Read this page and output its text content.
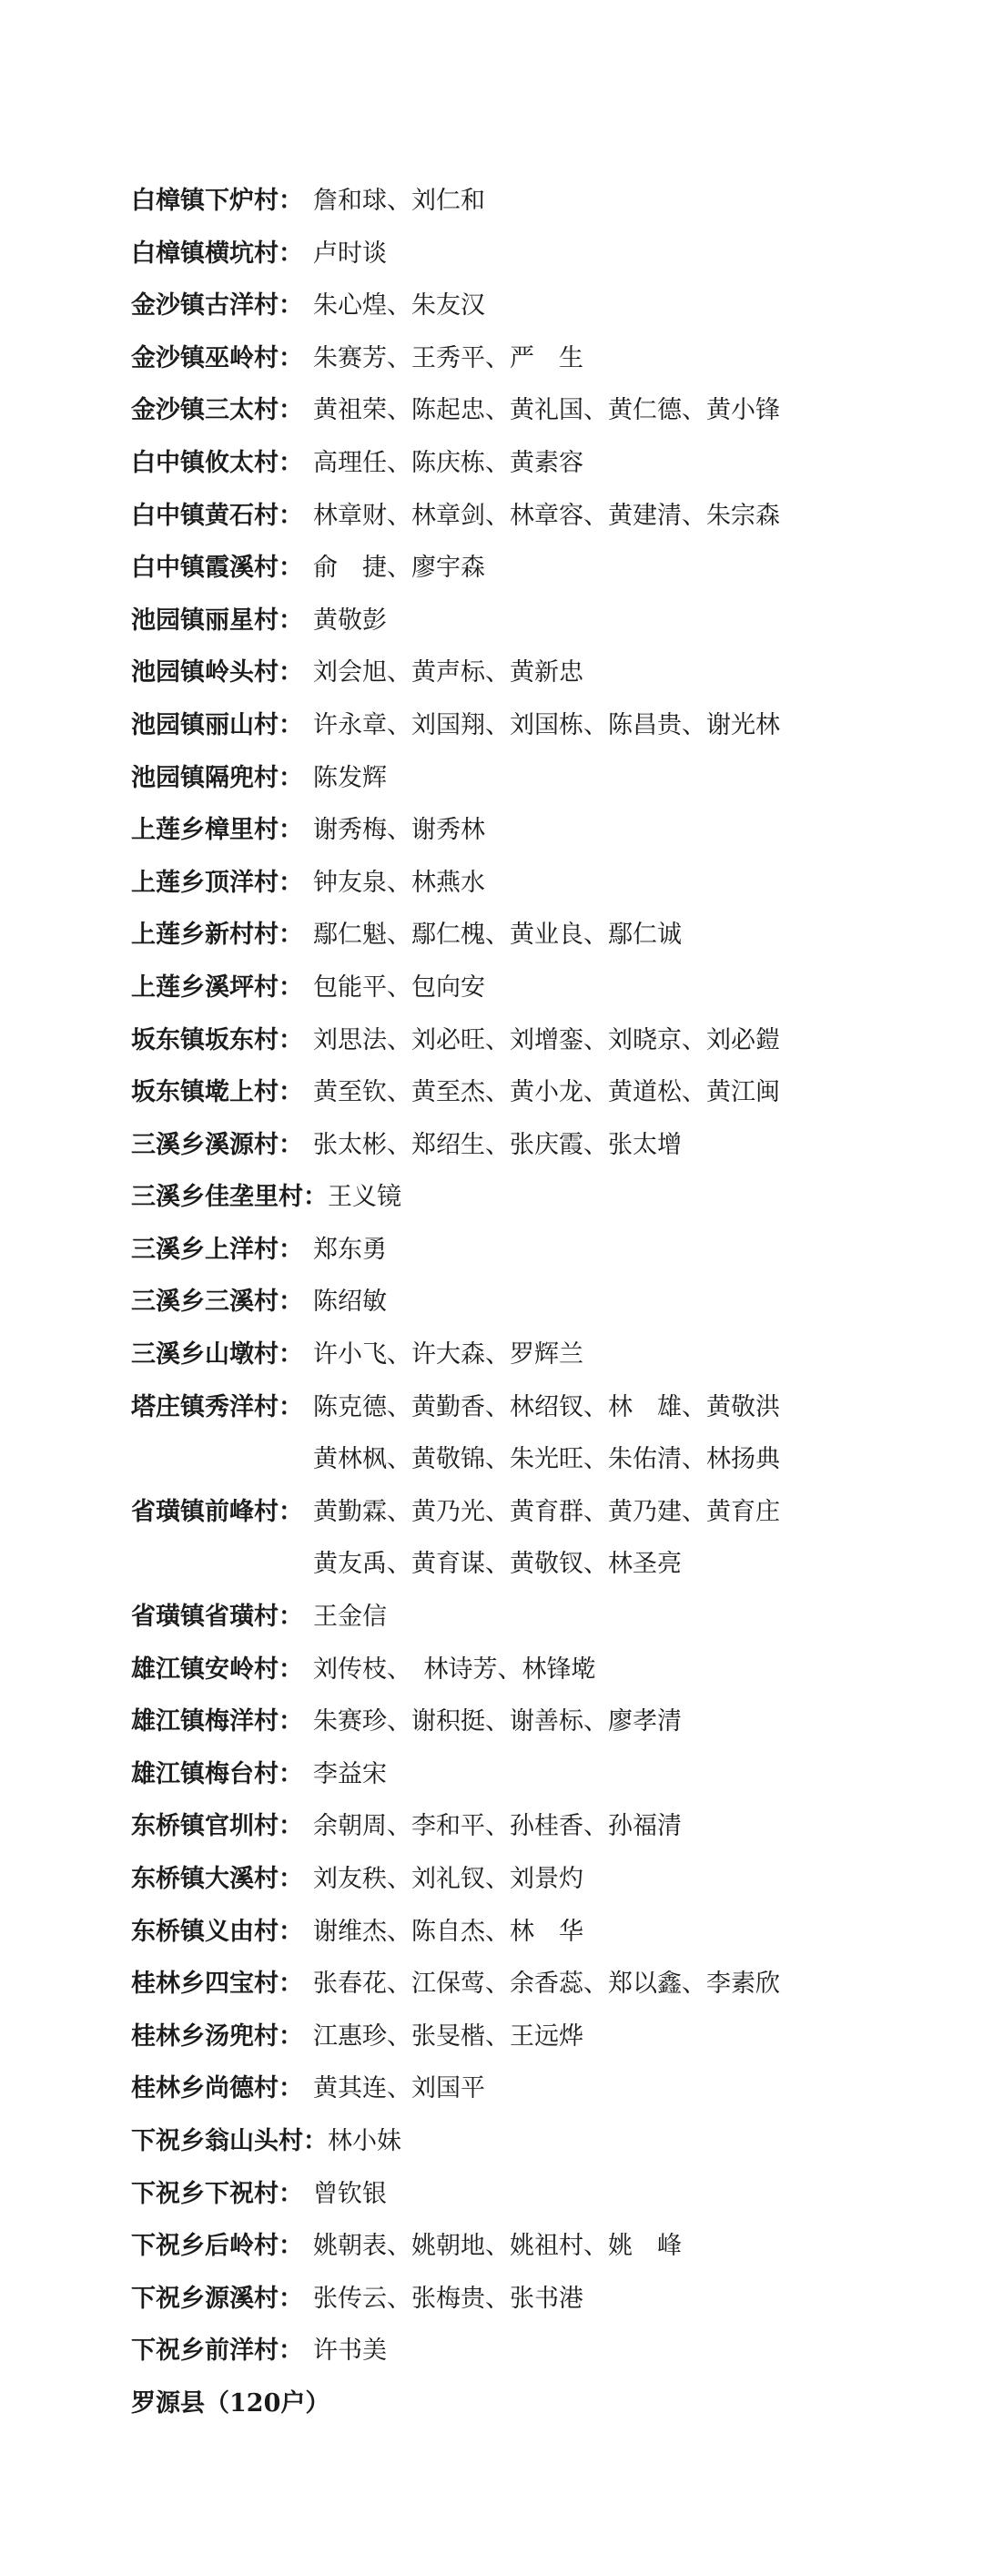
白樟镇下炉村： 詹和球、刘仁和
白樟镇横坑村： 卢时谈
金沙镇古洋村： 朱心煌、朱友汉
金沙镇巫岭村： 朱赛芳、王秀平、严　生
金沙镇三太村： 黄祖荣、陈起忠、黄礼国、黄仁德、黄小锋
白中镇攸太村： 高理任、陈庆栋、黄素容
白中镇黄石村： 林章财、林章剑、林章容、黄建清、朱宗森
白中镇霞溪村： 俞　捷、廖宇森
池园镇丽星村： 黄敬彭
池园镇岭头村： 刘会旭、黄声标、黄新忠
池园镇丽山村： 许永章、刘国翔、刘国栋、陈昌贵、谢光林
池园镇隔兜村： 陈发辉
上莲乡樟里村： 谢秀梅、谢秀林
上莲乡顶洋村： 钟友泉、林燕水
上莲乡新村村： 鄢仁魁、鄢仁槐、黄业良、鄢仁诚
上莲乡溪坪村： 包能平、包向安
坂东镇坂东村： 刘思法、刘必旺、刘增銮、刘晓京、刘必鎧
坂东镇墘上村： 黄至钦、黄至杰、黄小龙、黄道松、黄江闽
三溪乡溪源村： 张太彬、郑绍生、张庆霞、张太增
三溪乡佳垄里村： 王义镜
三溪乡上洋村： 郑东勇
三溪乡三溪村： 陈绍敏
三溪乡山墩村： 许小飞、许大森、罗辉兰
塔庄镇秀洋村： 陈克德、黄勤香、林绍钗、林　雄、黄敬洪
黄林枫、黄敬锦、朱光旺、朱佑清、林扬典
省璜镇前峰村： 黄勤霖、黄乃光、黄育群、黄乃建、黄育庄
黄友禹、黄育谋、黄敬钗、林圣亮
省璜镇省璜村： 王金信
雄江镇安岭村： 刘传枝、　林诗芳、林锋墘
雄江镇梅洋村： 朱赛珍、谢积挺、谢善标、廖孝清
雄江镇梅台村： 李益宋
东桥镇官圳村： 余朝周、李和平、孙桂香、孙福清
东桥镇大溪村： 刘友秩、刘礼钗、刘景灼
东桥镇义由村： 谢维杰、陈自杰、林　华
桂林乡四宝村： 张春花、江保莺、余香蕊、郑以鑫、李素欣
桂林乡汤兜村： 江惠珍、张旻楷、王远烨
桂林乡尚德村： 黄其连、刘国平
下祝乡翁山头村： 林小妹
下祝乡下祝村： 曾钦银
下祝乡后岭村： 姚朝表、姚朝地、姚祖村、姚　峰
下祝乡源溪村： 张传云、张梅贵、张书港
下祝乡前洋村： 许书美
罗源县（120户）
